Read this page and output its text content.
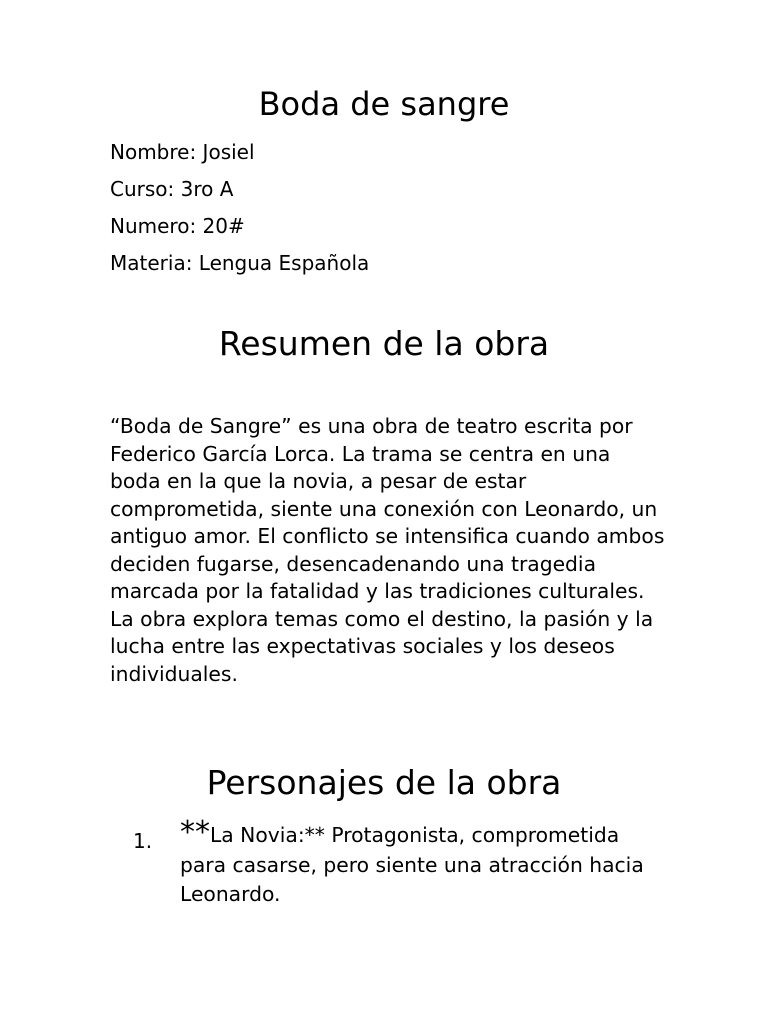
Boda de sangre

Nombre: Josiel

Curso: 3ro A

Numero: 20#

Materia: Lengua Española

Resumen de la obra

“Boda de Sangre” es una obra de teatro escrita por Federico García Lorca. La trama se centra en una boda en la que la novia, a pesar de estar comprometida, siente una conexión con Leonardo, un antiguo amor. El conflicto se intensifica cuando ambos deciden fugarse, desencadenando una tragedia marcada por la fatalidad y las tradiciones culturales. La obra explora temas como el destino, la pasión y la lucha entre las expectativas sociales y los deseos individuales.

Personajes de la obra
1. **La Novia:** Protagonista, comprometida para casarse, pero siente una atracción hacia Leonardo.
